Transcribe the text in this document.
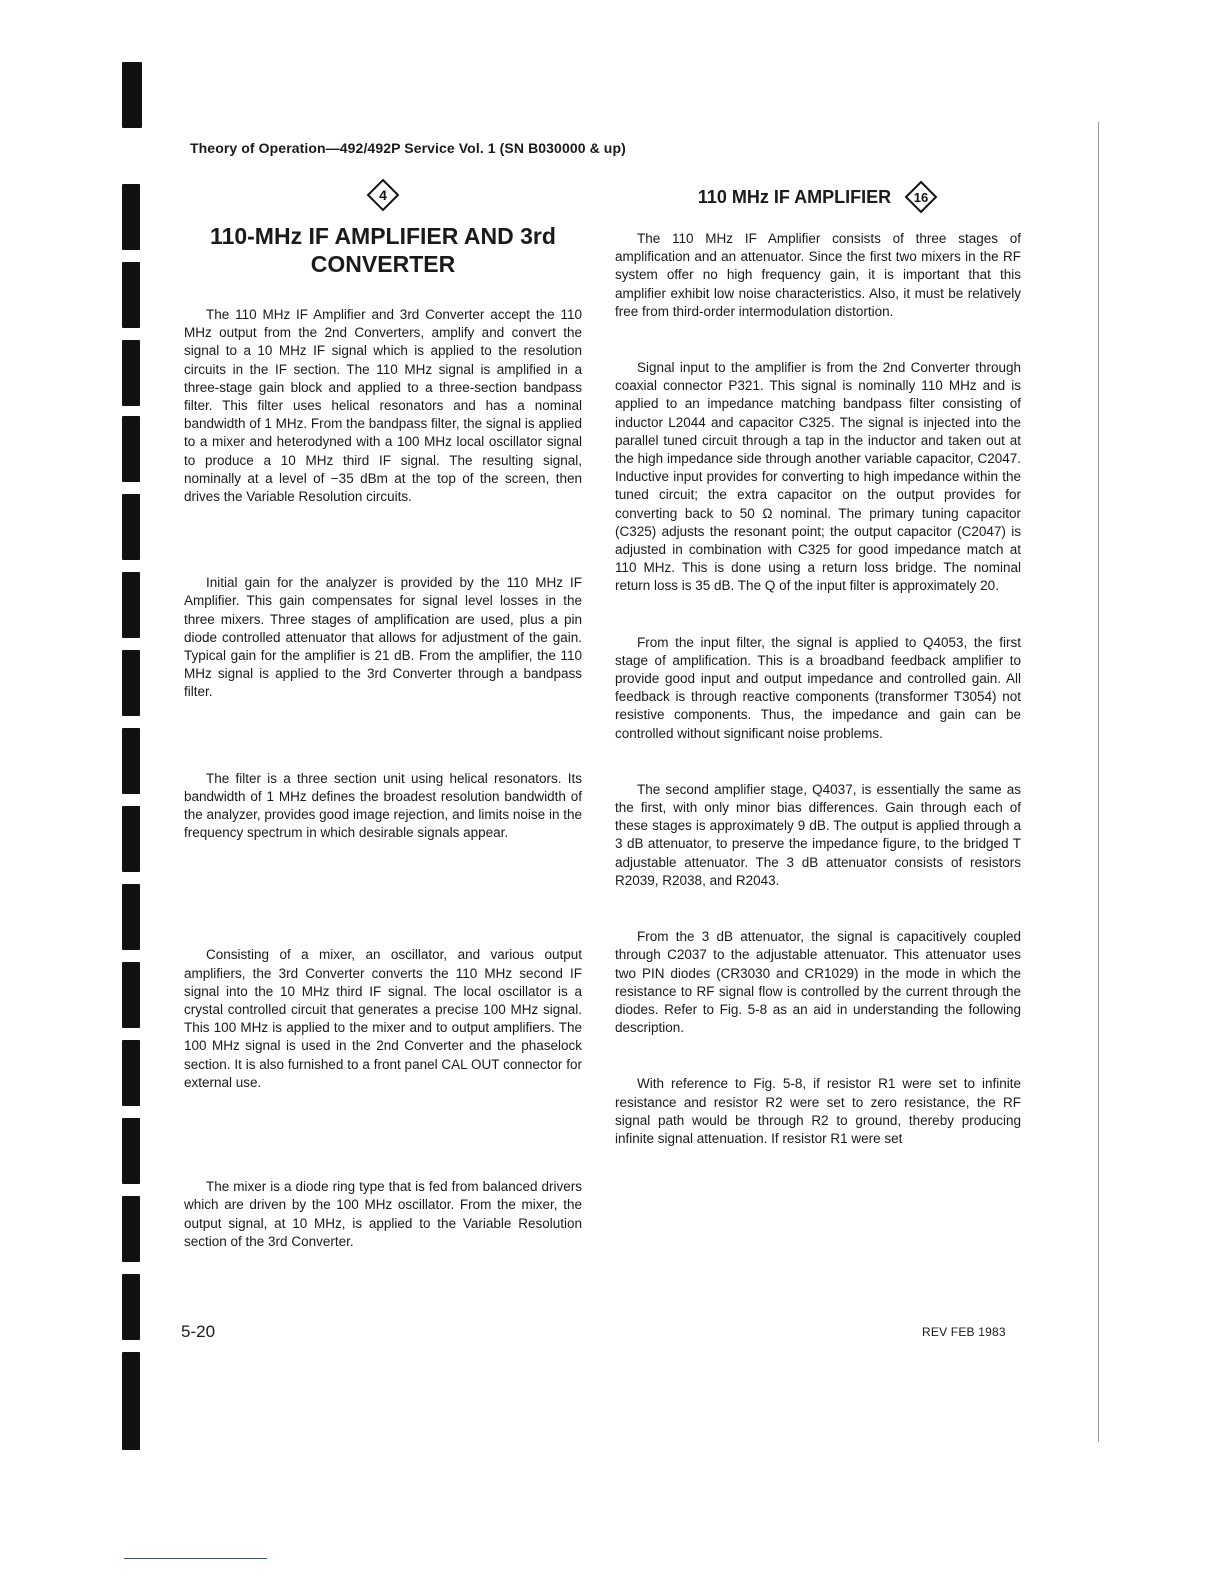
Theory of Operation—492/492P Service Vol. 1 (SN B030000 & up)
4
110-MHz IF AMPLIFIER AND 3rd CONVERTER

The 110 MHz IF Amplifier and 3rd Converter accept the 110 MHz output from the 2nd Converters, amplify and convert the signal to a 10 MHz IF signal which is applied to the resolution circuits in the IF section. The 110 MHz signal is amplified in a three-stage gain block and applied to a three-section bandpass filter. This filter uses helical resonators and has a nominal bandwidth of 1 MHz. From the bandpass filter, the signal is applied to a mixer and heterodyned with a 100 MHz local oscillator signal to produce a 10 MHz third IF signal. The resulting signal, nominally at a level of −35 dBm at the top of the screen, then drives the Variable Resolution circuits.

Initial gain for the analyzer is provided by the 110 MHz IF Amplifier. This gain compensates for signal level losses in the three mixers. Three stages of amplification are used, plus a pin diode controlled attenuator that allows for adjustment of the gain. Typical gain for the amplifier is 21 dB. From the amplifier, the 110 MHz signal is applied to the 3rd Converter through a bandpass filter.

The filter is a three section unit using helical resonators. Its bandwidth of 1 MHz defines the broadest resolution bandwidth of the analyzer, provides good image rejection, and limits noise in the frequency spectrum in which desirable signals appear.

Consisting of a mixer, an oscillator, and various output amplifiers, the 3rd Converter converts the 110 MHz second IF signal into the 10 MHz third IF signal. The local oscillator is a crystal controlled circuit that generates a precise 100 MHz signal. This 100 MHz is applied to the mixer and to output amplifiers. The 100 MHz signal is used in the 2nd Converter and the phaselock section. It is also furnished to a front panel CAL OUT connector for external use.

The mixer is a diode ring type that is fed from balanced drivers which are driven by the 100 MHz oscillator. From the mixer, the output signal, at 10 MHz, is applied to the Variable Resolution section of the 3rd Converter.

110 MHz IF AMPLIFIER 16

The 110 MHz IF Amplifier consists of three stages of amplification and an attenuator. Since the first two mixers in the RF system offer no high frequency gain, it is important that this amplifier exhibit low noise characteristics. Also, it must be relatively free from third-order intermodulation distortion.

Signal input to the amplifier is from the 2nd Converter through coaxial connector P321. This signal is nominally 110 MHz and is applied to an impedance matching bandpass filter consisting of inductor L2044 and capacitor C325. The signal is injected into the parallel tuned circuit through a tap in the inductor and taken out at the high impedance side through another variable capacitor, C2047. Inductive input provides for converting to high impedance within the tuned circuit; the extra capacitor on the output provides for converting back to 50 Ω nominal. The primary tuning capacitor (C325) adjusts the resonant point; the output capacitor (C2047) is adjusted in combination with C325 for good impedance match at 110 MHz. This is done using a return loss bridge. The nominal return loss is 35 dB. The Q of the input filter is approximately 20.

From the input filter, the signal is applied to Q4053, the first stage of amplification. This is a broadband feedback amplifier to provide good input and output impedance and controlled gain. All feedback is through reactive components (transformer T3054) not resistive components. Thus, the impedance and gain can be controlled without significant noise problems.

The second amplifier stage, Q4037, is essentially the same as the first, with only minor bias differences. Gain through each of these stages is approximately 9 dB. The output is applied through a 3 dB attenuator, to preserve the impedance figure, to the bridged T adjustable attenuator. The 3 dB attenuator consists of resistors R2039, R2038, and R2043.

From the 3 dB attenuator, the signal is capacitively coupled through C2037 to the adjustable attenuator. This attenuator uses two PIN diodes (CR3030 and CR1029) in the mode in which the resistance to RF signal flow is controlled by the current through the diodes. Refer to Fig. 5-8 as an aid in understanding the following description.

With reference to Fig. 5-8, if resistor R1 were set to infinite resistance and resistor R2 were set to zero resistance, the RF signal path would be through R2 to ground, thereby producing infinite signal attenuation. If resistor R1 were set

5-20	REV FEB 1983
